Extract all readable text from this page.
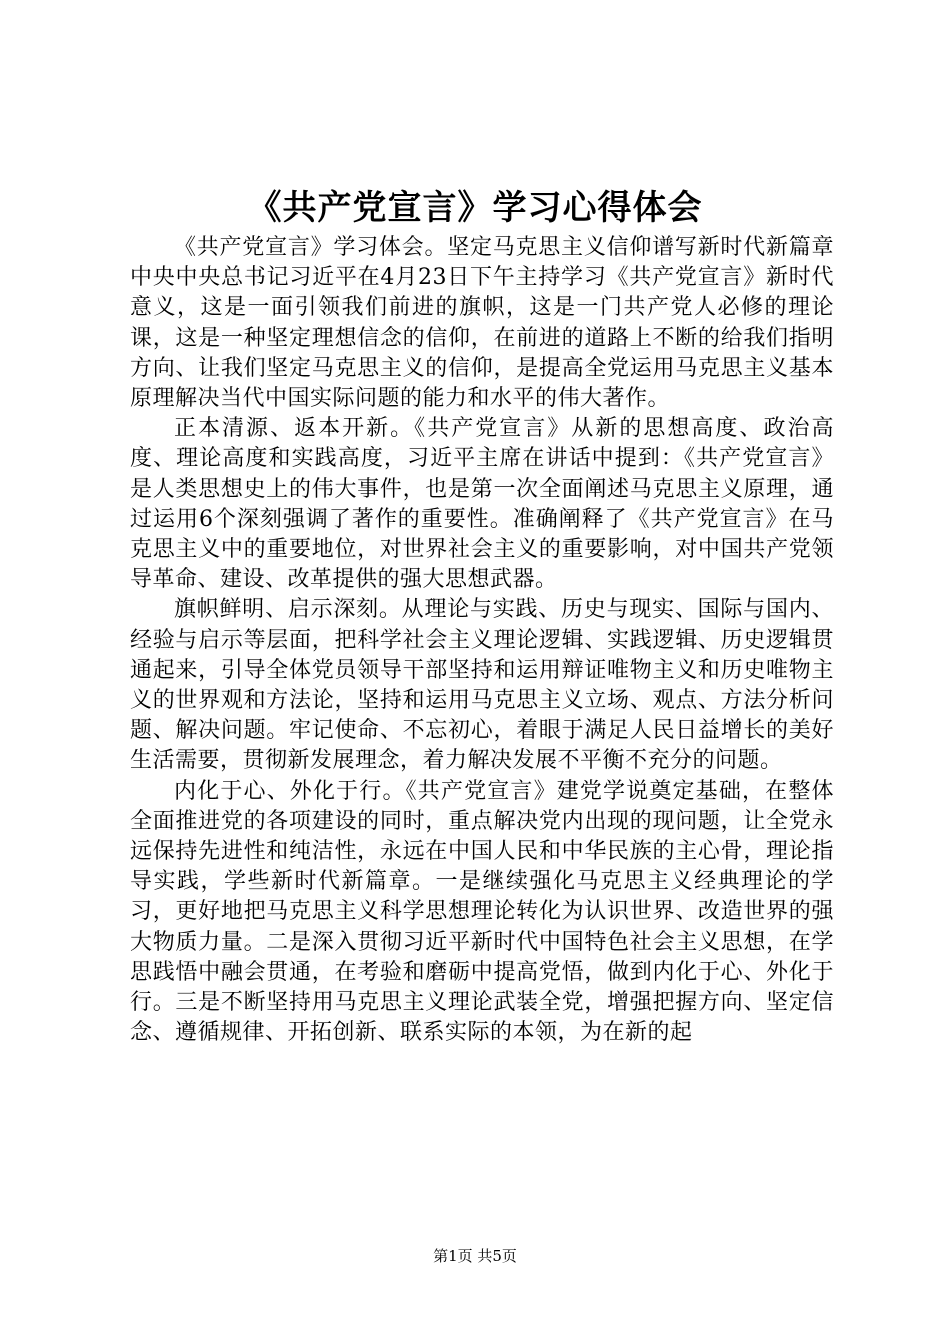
《共产党宣言》学习心得体会

《共产党宣言》学习体会。坚定马克思主义信仰谱写新时代新篇章中央中央总书记习近平在4月23日下午主持学习《共产党宣言》新时代意义，这是一面引领我们前进的旗帜，这是一门共产党人必修的理论课，这是一种坚定理想信念的信仰，在前进的道路上不断的给我们指明方向、让我们坚定马克思主义的信仰，是提高全党运用马克思主义基本原理解决当代中国实际问题的能力和水平的伟大著作。

正本清源、返本开新。《共产党宣言》从新的思想高度、政治高度、理论高度和实践高度，习近平主席在讲话中提到：《共产党宣言》是人类思想史上的伟大事件，也是第一次全面阐述马克思主义原理，通过运用6个深刻强调了著作的重要性。准确阐释了《共产党宣言》在马克思主义中的重要地位，对世界社会主义的重要影响，对中国共产党领导革命、建设、改革提供的强大思想武器。

旗帜鲜明、启示深刻。从理论与实践、历史与现实、国际与国内、经验与启示等层面，把科学社会主义理论逻辑、实践逻辑、历史逻辑贯通起来，引导全体党员领导干部坚持和运用辩证唯物主义和历史唯物主义的世界观和方法论，坚持和运用马克思主义立场、观点、方法分析问题、解决问题。牢记使命、不忘初心，着眼于满足人民日益增长的美好生活需要，贯彻新发展理念，着力解决发展不平衡不充分的问题。

内化于心、外化于行。《共产党宣言》建党学说奠定基础，在整体全面推进党的各项建设的同时，重点解决党内出现的现问题，让全党永远保持先进性和纯洁性，永远在中国人民和中华民族的主心骨，理论指导实践，学些新时代新篇章。一是继续强化马克思主义经典理论的学习，更好地把马克思主义科学思想理论转化为认识世界、改造世界的强大物质力量。二是深入贯彻习近平新时代中国特色社会主义思想，在学思践悟中融会贯通，在考验和磨砺中提高党悟，做到内化于心、外化于行。三是不断坚持用马克思主义理论武装全党，增强把握方向、坚定信念、遵循规律、开拓创新、联系实际的本领，为在新的起

第1页 共5页
